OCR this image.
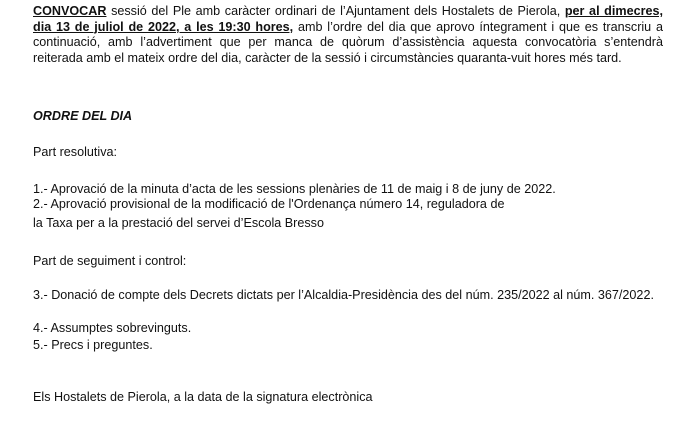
CONVOCAR sessió del Ple amb caràcter ordinari de l’Ajuntament dels Hostalets de Pierola, per al dimecres, dia 13 de juliol de 2022, a les 19:30 hores, amb l’ordre del dia que aprovo íntegrament i que es transcriu a continuació, amb l’advertiment que per manca de quòrum d’assistència aquesta convocatòria s’entendrà reiterada amb el mateix ordre del dia, caràcter de la sessió i circumstàncies quaranta-vuit hores més tard.

ORDRE DEL DIA

Part resolutiva:

1.- Aprovació de la minuta d’acta de les sessions plenàries de 11 de maig i 8 de juny de 2022.

2.- Aprovació provisional de la modificació de l'Ordenança número 14, reguladora de

la Taxa per a la prestació del servei d’Escola Bresso

Part de seguiment i control:

3.- Donació de compte dels Decrets dictats per l’Alcaldia-Presidència des del núm. 235/2022 al núm. 367/2022.

4.- Assumptes sobrevinguts.

5.- Precs i preguntes.

Els Hostalets de Pierola, a la data de la signatura electrònica
